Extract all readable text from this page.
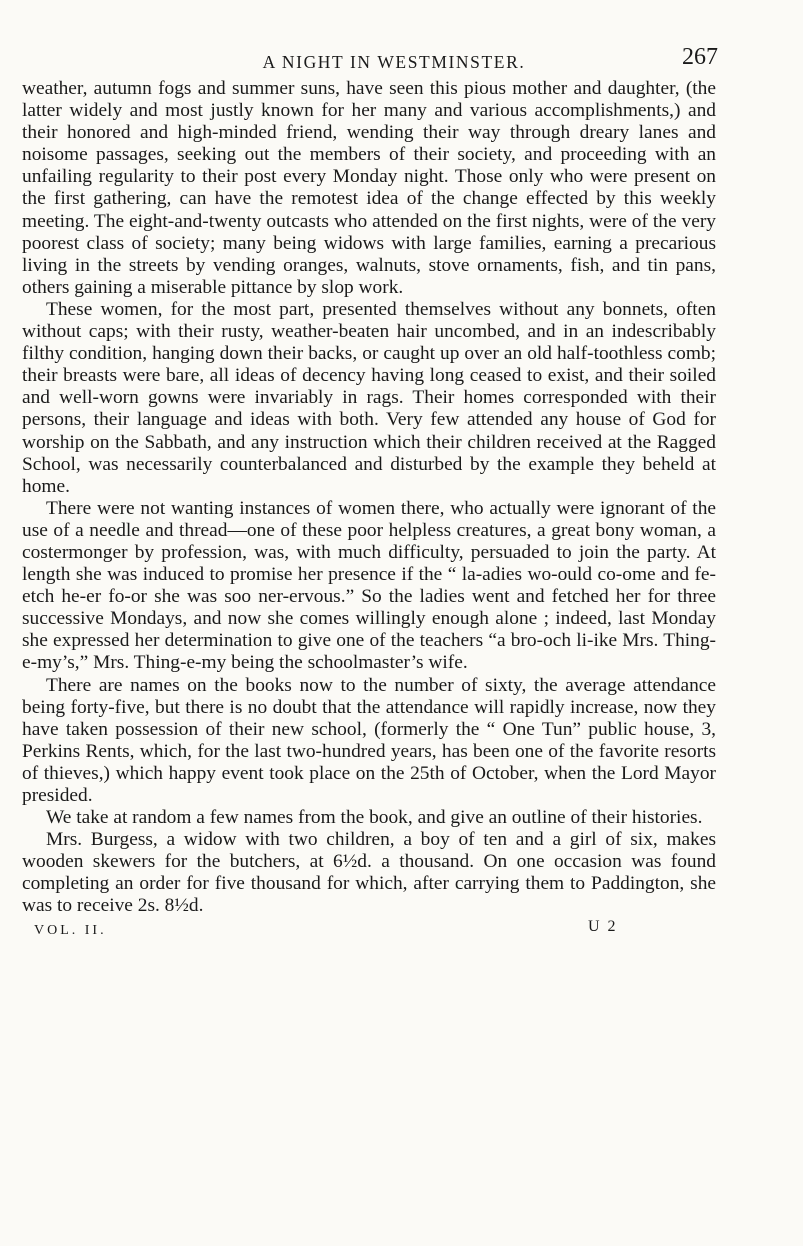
A NIGHT IN WESTMINSTER.	267

weather, autumn fogs and summer suns, have seen this pious mother and daughter, (the latter widely and most justly known for her many and various accomplishments,) and their honored and high-minded friend, wending their way through dreary lanes and noisome passages, seeking out the members of their society, and proceeding with an unfailing regularity to their post every Monday night. Those only who were present on the first gathering, can have the remotest idea of the change effected by this weekly meeting. The eight-and-twenty outcasts who attended on the first nights, were of the very poorest class of society; many being widows with large families, earning a precarious living in the streets by vending oranges, walnuts, stove ornaments, fish, and tin pans, others gaining a miserable pittance by slop work.

These women, for the most part, presented themselves without any bonnets, often without caps; with their rusty, weather-beaten hair uncombed, and in an indescribably filthy condition, hanging down their backs, or caught up over an old half-toothless comb; their breasts were bare, all ideas of decency having long ceased to exist, and their soiled and well-worn gowns were invariably in rags. Their homes corresponded with their persons, their language and ideas with both. Very few attended any house of God for worship on the Sabbath, and any instruction which their children received at the Ragged School, was necessarily counterbalanced and disturbed by the example they beheld at home.

There were not wanting instances of women there, who actually were ignorant of the use of a needle and thread—one of these poor helpless creatures, a great bony woman, a costermonger by profession, was, with much difficulty, persuaded to join the party. At length she was induced to promise her presence if the “ la-adies wo-ould co-ome and fe-etch he-er fo-or she was soo ner-ervous.” So the ladies went and fetched her for three successive Mondays, and now she comes willingly enough alone ; indeed, last Monday she expressed her determination to give one of the teachers “a bro-och li-ike Mrs. Thing-e-my’s,” Mrs. Thing-e-my being the schoolmaster’s wife.

There are names on the books now to the number of sixty, the average attendance being forty-five, but there is no doubt that the attendance will rapidly increase, now they have taken possession of their new school, (formerly the “ One Tun” public house, 3, Perkins Rents, which, for the last two-hundred years, has been one of the favorite resorts of thieves,) which happy event took place on the 25th of October, when the Lord Mayor presided.

We take at random a few names from the book, and give an outline of their histories.

Mrs. Burgess, a widow with two children, a boy of ten and a girl of six, makes wooden skewers for the butchers, at 6½d. a thousand. On one occasion was found completing an order for five thousand for which, after carrying them to Paddington, she was to receive 2s. 8½d.

VOL. II.	U 2
